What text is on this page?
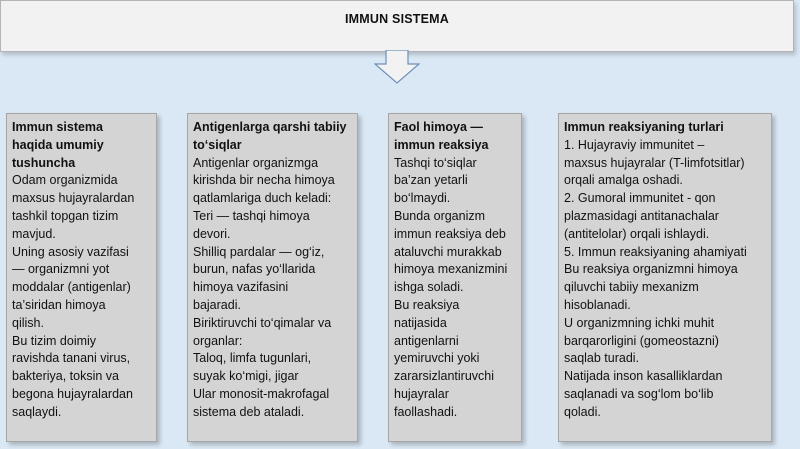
IMMUN SISTEMA
Immun sistema
haqida umumiy
tushuncha
Odam organizmida
maxsus hujayralardan
tashkil topgan tizim
mavjud.
Uning asosiy vazifasi
— organizmni yot
moddalar (antigenlar)
ta’siridan himoya
qilish.
Bu tizim doimiy
ravishda tanani virus,
bakteriya, toksin va
begona hujayralardan
saqlaydi.
Antigenlarga qarshi tabiiy
to‘siqlar
Antigenlar organizmga
kirishda bir necha himoya
qatlamlariga duch keladi:
Teri — tashqi himoya
devori.
Shilliq pardalar — og‘iz,
burun, nafas yo‘llarida
himoya vazifasini
bajaradi.
Biriktiruvchi to‘qimalar va
organlar:
Taloq, limfa tugunlari,
suyak ko‘migi, jigar
Ular monosit-makrofagal
sistema deb ataladi.
Faol himoya —
immun reaksiya
Tashqi to‘siqlar
ba’zan yetarli
bo‘lmaydi.
Bunda organizm
immun reaksiya deb
ataluvchi murakkab
himoya mexanizmini
ishga soladi.
Bu reaksiya
natijasida
antigenlarni
yemiruvchi yoki
zararsizlantiruvchi
hujayralar
faollashadi.
Immun reaksiyaning turlari
1. Hujayraviy immunitet –
maxsus hujayralar (T-limfotsitlar)
orqali amalga oshadi.
2. Gumoral immunitet - qon
plazmasidagi antitanachalar
(antitelolar) orqali ishlaydi.
5. Immun reaksiyaning ahamiyati
Bu reaksiya organizmni himoya
qiluvchi tabiiy mexanizm
hisoblanadi.
U organizmning ichki muhit
barqarorligini (gomeostazni)
saqlab turadi.
Natijada inson kasalliklardan
saqlanadi va sog‘lom bo‘lib
qoladi.
